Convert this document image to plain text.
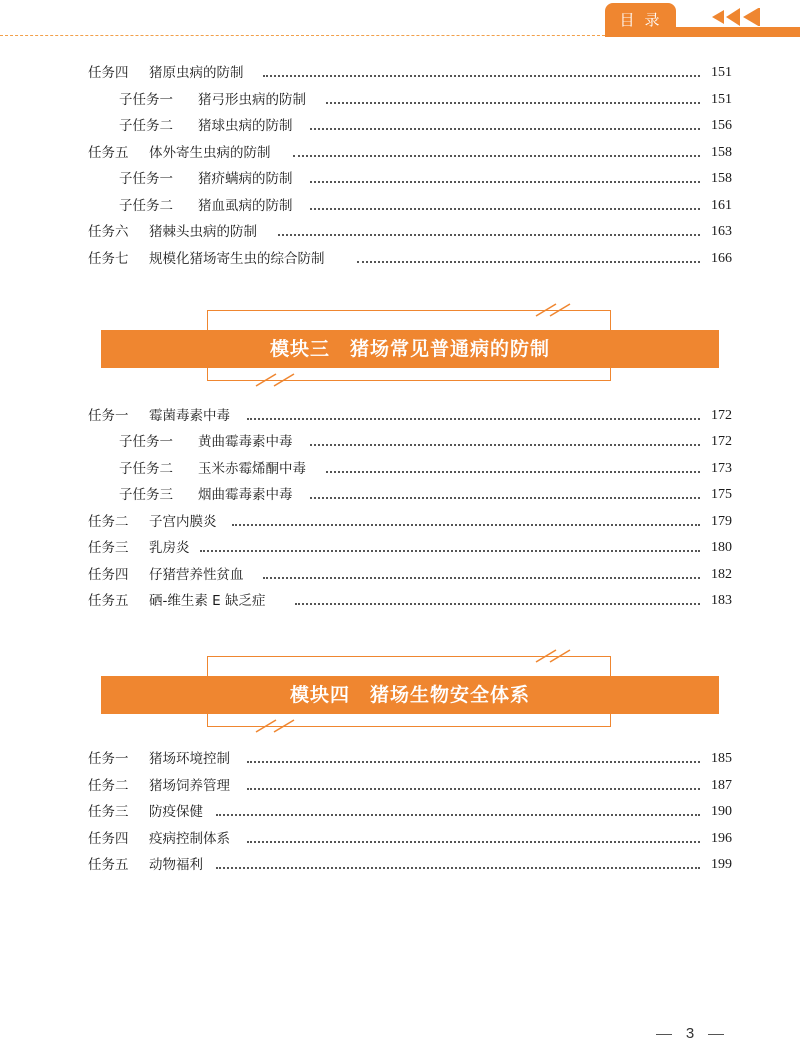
目录
任务四 猪原虫病的防制	151
子任务一 猪弓形虫病的防制	151
子任务二 猪球虫病的防制	156
任务五 体外寄生虫病的防制	158
子任务一 猪疥螨病的防制	158
子任务二 猪血虱病的防制	161
任务六 猪棘头虫病的防制	163
任务七 规模化猪场寄生虫的综合防制	166
模块三　猪场常见普通病的防制
任务一 霉菌毒素中毒	172
子任务一 黄曲霉毒素中毒	172
子任务二 玉米赤霉烯酮中毒	173
子任务三 烟曲霉毒素中毒	175
任务二 子宫内膜炎	179
任务三 乳房炎	180
任务四 仔猪营养性贫血	182
任务五 硒-维生素 E 缺乏症	183
模块四　猪场生物安全体系
任务一 猪场环境控制	185
任务二 猪场饲养管理	187
任务三 防疫保健	190
任务四 疫病控制体系	196
任务五 动物福利	199
3
